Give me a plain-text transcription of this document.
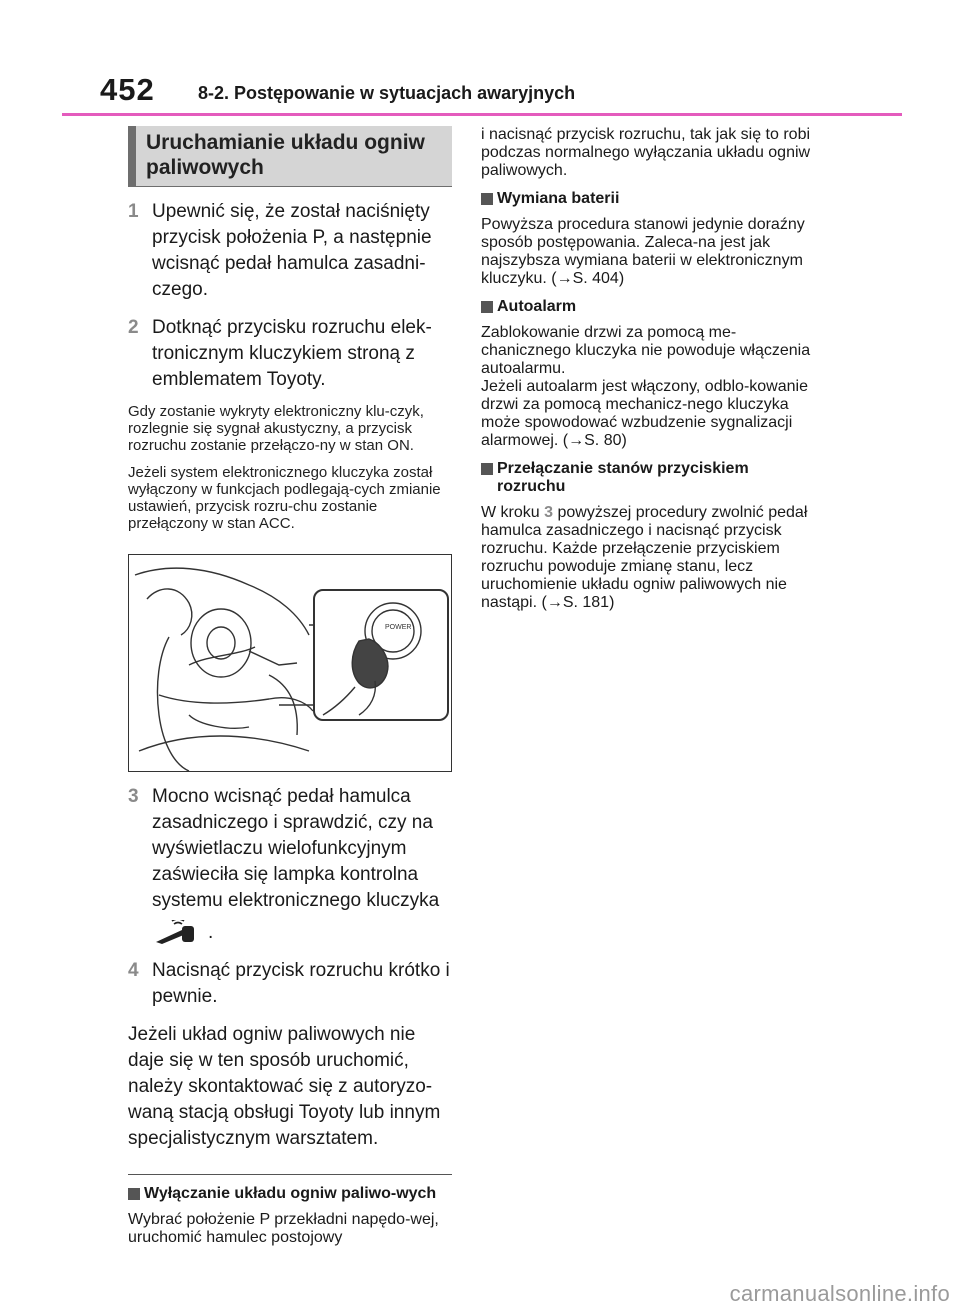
452 8-2. Postępowanie w sytuacjach awaryjnych
Uruchamianie układu ogniw paliwowych
1 Upewnić się, że został naciśnięty przycisk położenia P, a następnie wcisnąć pedał hamulca zasadni-czego.
2 Dotknąć przycisku rozruchu elek-tronicznym kluczykiem stroną z emblematem Toyoty.
Gdy zostanie wykryty elektroniczny klu-czyk, rozlegnie się sygnał akustyczny, a przycisk rozruchu zostanie przełączo-ny w stan ON.
Jeżeli system elektronicznego kluczyka został wyłączony w funkcjach podlegają-cych zmianie ustawień, przycisk rozru-chu zostanie przełączony w stan ACC.
POWER
3 Mocno wcisnąć pedał hamulca zasadniczego i sprawdzić, czy na wyświetlaczu wielofunkcyjnym zaświeciła się lampka kontrolna systemu elektronicznego kluczyka
.
4 Nacisnąć przycisk rozruchu krótko i pewnie.
Jeżeli układ ogniw paliwowych nie daje się w ten sposób uruchomić, należy skontaktować się z autoryzo-waną stacją obsługi Toyoty lub innym specjalistycznym warsztatem.
Wyłączanie układu ogniw paliwo-wych
Wybrać położenie P przekładni napędo-wej, uruchomić hamulec postojowy
i nacisnąć przycisk rozruchu, tak jak się to robi podczas normalnego wyłączania układu ogniw paliwowych.
Wymiana baterii
Powyższa procedura stanowi jedynie doraźny sposób postępowania. Zaleca-na jest jak najszybsza wymiana baterii w elektronicznym kluczyku. (→S. 404)
Autoalarm
Zablokowanie drzwi za pomocą me-chanicznego kluczyka nie powoduje włączenia autoalarmu.
Jeżeli autoalarm jest włączony, odblo-kowanie drzwi za pomocą mechanicz-nego kluczyka może spowodować wzbudzenie sygnalizacji alarmowej. (→S. 80)
Przełączanie stanów przyciskiem rozruchu
W kroku 3 powyższej procedury zwolnić pedał hamulca zasadniczego i nacisnąć przycisk rozruchu. Każde przełączenie przyciskiem rozruchu powoduje zmianę stanu, lecz uruchomienie układu ogniw paliwowych nie nastąpi. (→S. 181)
carmanualsonline.info
